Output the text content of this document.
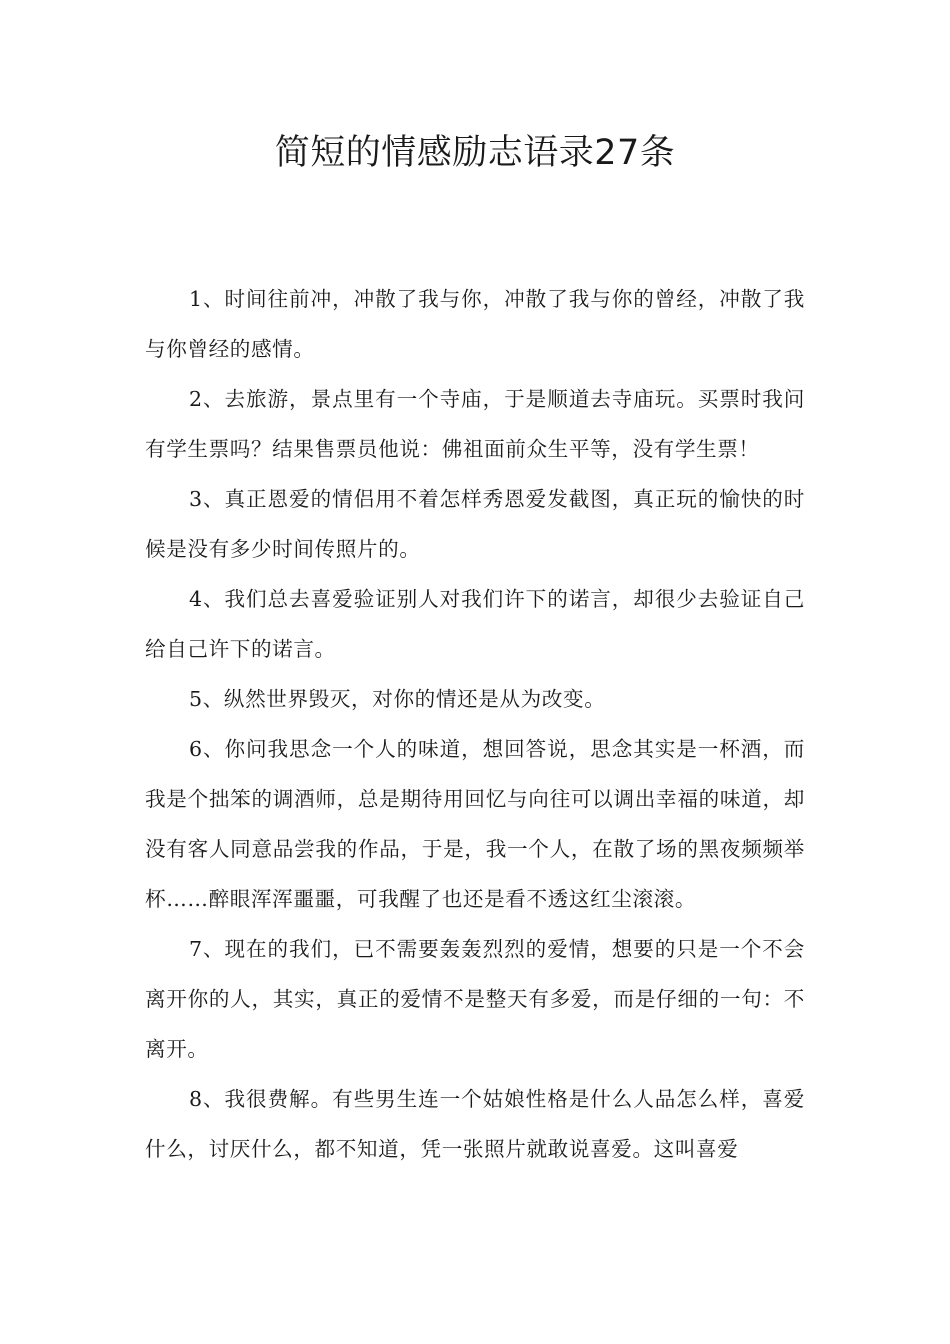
简短的情感励志语录27条

1、时间往前冲，冲散了我与你，冲散了我与你的曾经，冲散了我与你曾经的感情。

2、去旅游，景点里有一个寺庙，于是顺道去寺庙玩。买票时我问有学生票吗？结果售票员他说：佛祖面前众生平等，没有学生票！

3、真正恩爱的情侣用不着怎样秀恩爱发截图，真正玩的愉快的时候是没有多少时间传照片的。

4、我们总去喜爱验证别人对我们许下的诺言，却很少去验证自己给自己许下的诺言。

5、纵然世界毁灭，对你的情还是从为改变。

6、你问我思念一个人的味道，想回答说，思念其实是一杯酒，而我是个拙笨的调酒师，总是期待用回忆与向往可以调出幸福的味道，却没有客人同意品尝我的作品，于是，我一个人，在散了场的黑夜频频举杯……醉眼浑浑噩噩，可我醒了也还是看不透这红尘滚滚。

7、现在的我们，已不需要轰轰烈烈的爱情，想要的只是一个不会离开你的人，其实，真正的爱情不是整天有多爱，而是仔细的一句：不离开。

8、我很费解。有些男生连一个姑娘性格是什么人品怎么样，喜爱什么，讨厌什么，都不知道，凭一张照片就敢说喜爱。这叫喜爱
